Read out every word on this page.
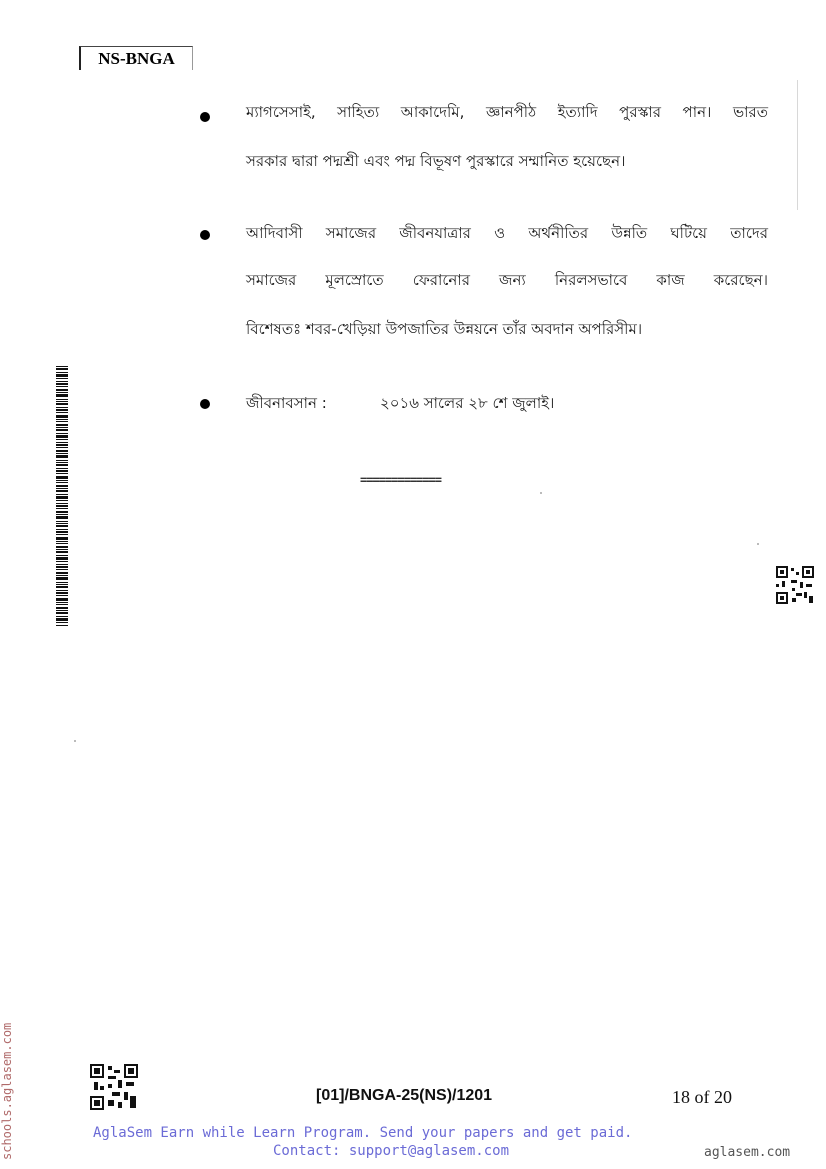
NS-BNGA
ম্যাগসেসাই, সাহিত্য আকাদেমি, জ্ঞানপীঠ ইত্যাদি পুরস্কার পান। ভারত
সরকার দ্বারা পদ্মশ্রী এবং পদ্ম বিভূষণ পুরস্কারে সম্মানিত হয়েছেন।
আদিবাসী সমাজের জীবনযাত্রার ও অর্থনীতির উন্নতি ঘটিয়ে তাদের
সমাজের মূলস্রোতে ফেরানোর জন্য নিরলসভাবে কাজ করেছেন।
বিশেষতঃ শবর-খেড়িয়া উপজাতির উন্নয়নে তাঁর অবদান অপরিসীম।
জীবনাবসান :	২০১৬ সালের ২৮ শে জুলাই।
=============
schools.aglasem.com	[01]/BNGA-25(NS)/1201	18 of 20
AglaSem Earn while Learn Program. Send your papers and get paid.
Contact: support@aglasem.com	aglasem.com
